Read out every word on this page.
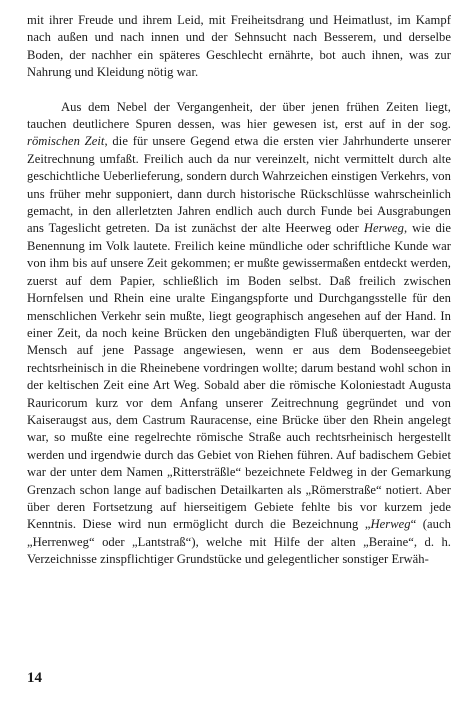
mit ihrer Freude und ihrem Leid, mit Freiheitsdrang und Heimatlust, im Kampf nach außen und nach innen und der Sehnsucht nach Besserem, und derselbe Boden, der nachher ein späteres Geschlecht ernährte, bot auch ihnen, was zur Nahrung und Kleidung nötig war.

Aus dem Nebel der Vergangenheit, der über jenen frühen Zeiten liegt, tauchen deutlichere Spuren dessen, was hier gewesen ist, erst auf in der sog. römischen Zeit, die für unsere Gegend etwa die ersten vier Jahrhunderte unserer Zeitrechnung umfaßt. Freilich auch da nur vereinzelt, nicht vermittelt durch alte geschichtliche Ueberlieferung, sondern durch Wahrzeichen einstigen Verkehrs, von uns früher mehr supponiert, dann durch historische Rückschlüsse wahrscheinlich gemacht, in den allerletzten Jahren endlich auch durch Funde bei Ausgrabungen ans Tageslicht getreten. Da ist zunächst der alte Heerweg oder Herweg, wie die Benennung im Volk lautete. Freilich keine mündliche oder schriftliche Kunde war von ihm bis auf unsere Zeit gekommen; er mußte gewissermaßen entdeckt werden, zuerst auf dem Papier, schließlich im Boden selbst. Daß freilich zwischen Hornfelsen und Rhein eine uralte Eingangspforte und Durchgangsstelle für den menschlichen Verkehr sein mußte, liegt geographisch angesehen auf der Hand. In einer Zeit, da noch keine Brücken den ungebändigten Fluß überquerten, war der Mensch auf jene Passage angewiesen, wenn er aus dem Bodenseegebiet rechtsrheinisch in die Rheinebene vordringen wollte; darum bestand wohl schon in der keltischen Zeit eine Art Weg. Sobald aber die römische Koloniestadt Augusta Rauricorum kurz vor dem Anfang unserer Zeitrechnung gegründet und von Kaiseraugst aus, dem Castrum Rauracense, eine Brücke über den Rhein angelegt war, so mußte eine regelrechte römische Straße auch rechtsrheinisch hergestellt werden und irgendwie durch das Gebiet von Riehen führen. Auf badischem Gebiet war der unter dem Namen „Rittersträßle“ bezeichnete Feldweg in der Gemarkung Grenzach schon lange auf badischen Detailkarten als „Römerstraße“ notiert. Aber über deren Fortsetzung auf hierseitigem Gebiete fehlte bis vor kurzem jede Kenntnis. Diese wird nun ermöglicht durch die Bezeichnung „Herweg“ (auch „Herrenweg“ oder „Lantstraß“), welche mit Hilfe der alten „Beraine“, d. h. Verzeichnisse zinspflichtiger Grundstücke und gelegentlicher sonstiger Erwäh-

14
